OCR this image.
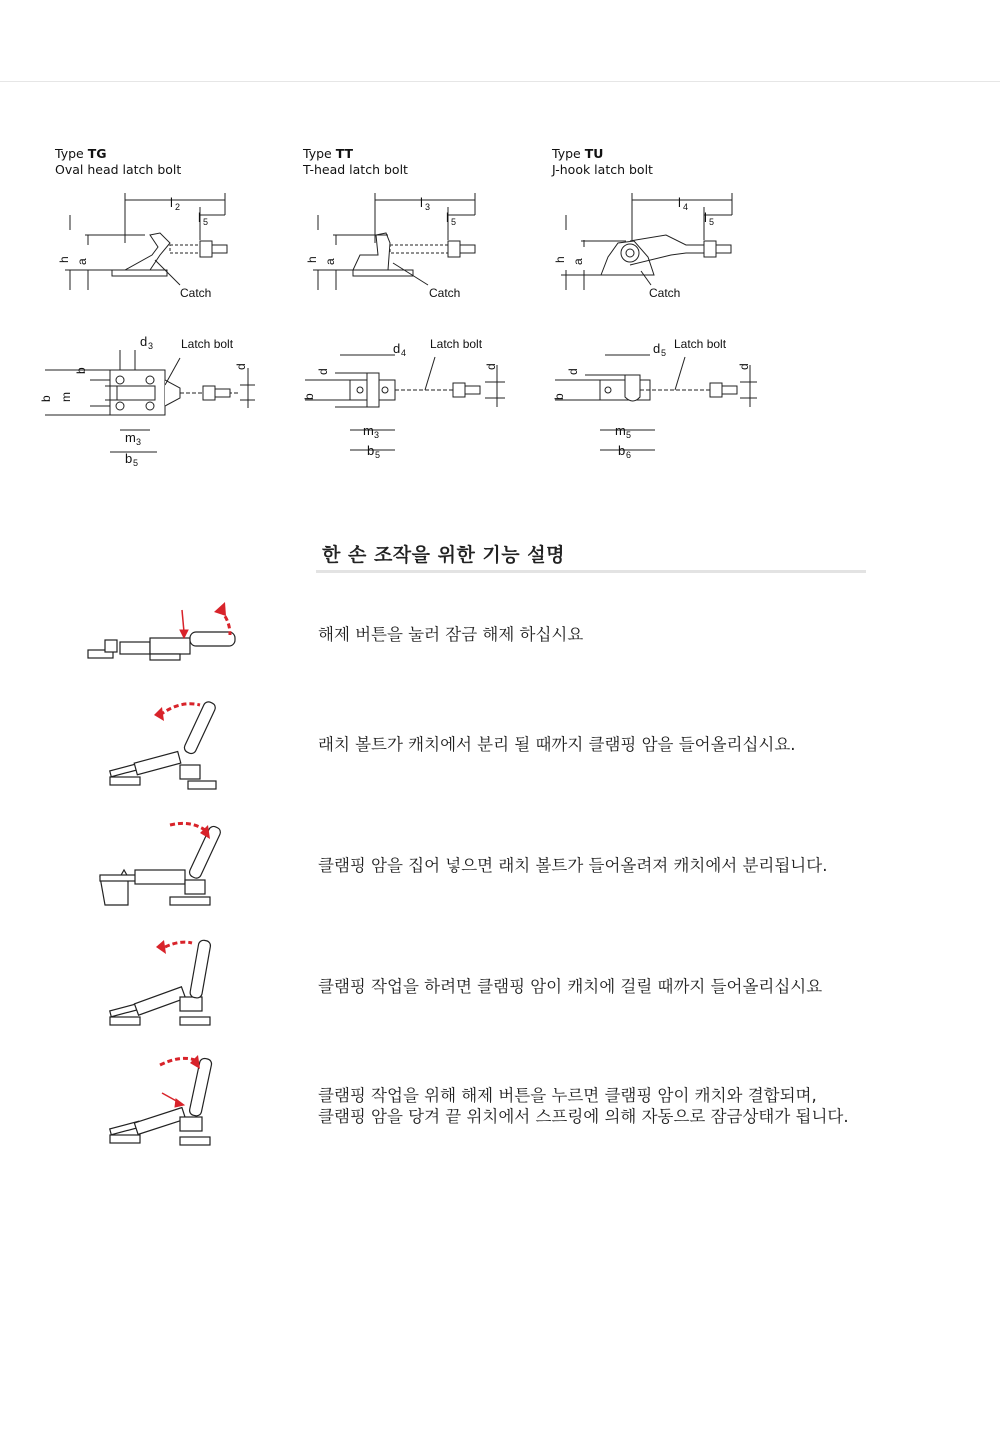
Type TG
Oval head latch bolt
Type TT
T-head latch bolt
Type TU
J-hook latch bolt
l 2
l 5
h a
Catch
l 3
l 5
h a
Catch
l 4
l 5
h a
Catch
d 3 Latch bolt
m 3
b 5
b m
b
d
d 4
Latch bolt
m 3
b 5
b
d
d
d 5
Latch bolt
m 5
b 6
b
d
d
한 손 조작을 위한 기능 설명
해제 버튼을 눌러 잠금 해제 하십시요
래치 볼트가 캐치에서 분리 될 때까지 클램핑 암을 들어올리십시요.
클램핑 암을 집어 넣으면 래치 볼트가 들어올려져 캐치에서 분리됩니다.
클램핑 작업을 하려면 클램핑 암이 캐치에 걸릴 때까지 들어올리십시요
클램핑 작업을 위해 해제 버튼을 누르면 클램핑 암이 캐치와 결합되며,
클램핑 암을 당겨 끝 위치에서 스프링에 의해 자동으로 잠금상태가 됩니다.
